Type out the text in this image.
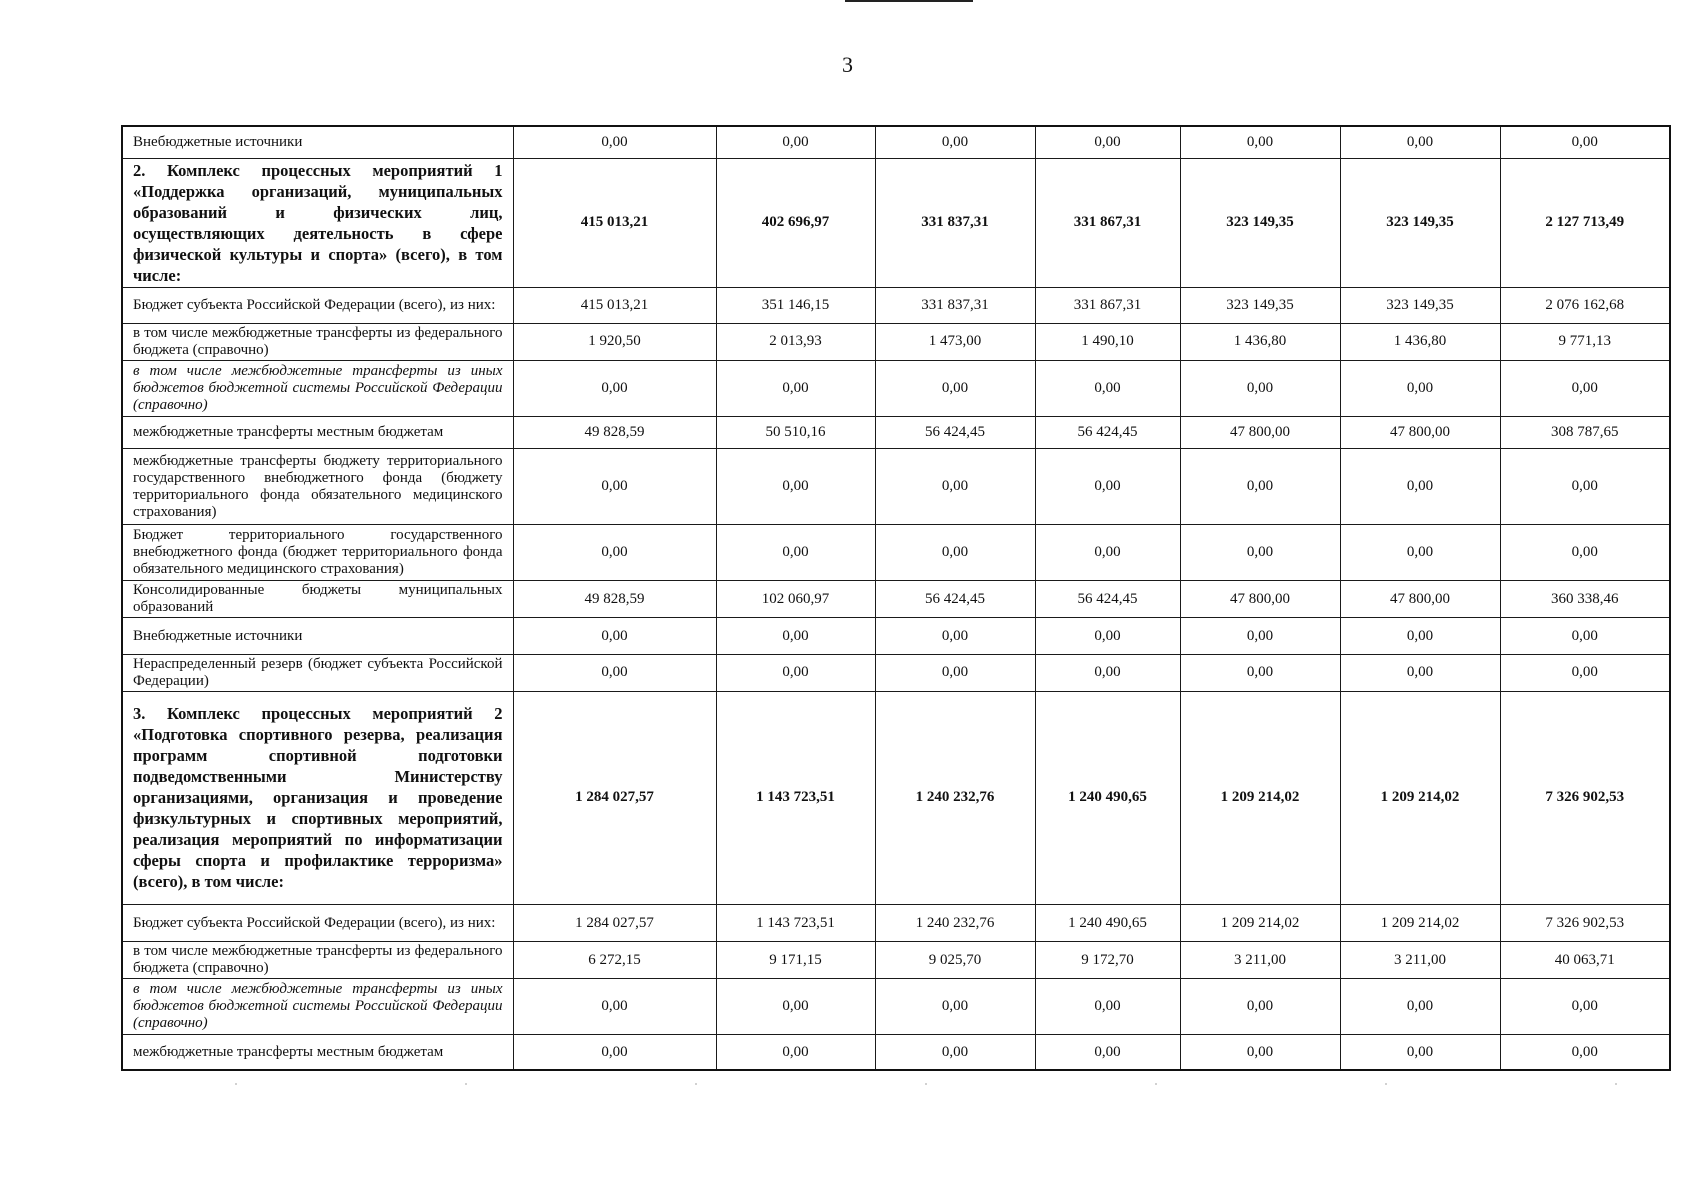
3
Внебюджетные источники	0,00	0,00	0,00	0,00	0,00	0,00	0,00
2. Комплекс процессных мероприятий 1 «Поддержка организаций, муниципальных образований и физических лиц, осуществляющих деятельность в сфере физической культуры и спорта» (всего), в том числе:	415 013,21	402 696,97	331 837,31	331 867,31	323 149,35	323 149,35	2 127 713,49
Бюджет субъекта Российской Федерации (всего), из них:	415 013,21	351 146,15	331 837,31	331 867,31	323 149,35	323 149,35	2 076 162,68
в том числе межбюджетные трансферты из федерального бюджета (справочно)	1 920,50	2 013,93	1 473,00	1 490,10	1 436,80	1 436,80	9 771,13
в том числе межбюджетные трансферты из иных бюджетов бюджетной системы Российской Федерации (справочно)	0,00	0,00	0,00	0,00	0,00	0,00	0,00
межбюджетные трансферты местным бюджетам	49 828,59	50 510,16	56 424,45	56 424,45	47 800,00	47 800,00	308 787,65
межбюджетные трансферты бюджету территориального государственного внебюджетного фонда (бюджету территориального фонда обязательного медицинского страхования)	0,00	0,00	0,00	0,00	0,00	0,00	0,00
Бюджет территориального государственного внебюджетного фонда (бюджет территориального фонда обязательного медицинского страхования)	0,00	0,00	0,00	0,00	0,00	0,00	0,00
Консолидированные бюджеты муниципальных образований	49 828,59	102 060,97	56 424,45	56 424,45	47 800,00	47 800,00	360 338,46
Внебюджетные источники	0,00	0,00	0,00	0,00	0,00	0,00	0,00
Нераспределенный резерв (бюджет субъекта Российской Федерации)	0,00	0,00	0,00	0,00	0,00	0,00	0,00
3. Комплекс процессных мероприятий 2 «Подготовка спортивного резерва, реализация программ спортивной подготовки подведомственными Министерству организациями, организация и проведение физкультурных и спортивных мероприятий, реализация мероприятий по информатизации сферы спорта и профилактике терроризма» (всего), в том числе:	1 284 027,57	1 143 723,51	1 240 232,76	1 240 490,65	1 209 214,02	1 209 214,02	7 326 902,53
Бюджет субъекта Российской Федерации (всего), из них:	1 284 027,57	1 143 723,51	1 240 232,76	1 240 490,65	1 209 214,02	1 209 214,02	7 326 902,53
в том числе межбюджетные трансферты из федерального бюджета (справочно)	6 272,15	9 171,15	9 025,70	9 172,70	3 211,00	3 211,00	40 063,71
в том числе межбюджетные трансферты из иных бюджетов бюджетной системы Российской Федерации (справочно)	0,00	0,00	0,00	0,00	0,00	0,00	0,00
межбюджетные трансферты местным бюджетам	0,00	0,00	0,00	0,00	0,00	0,00	0,00
